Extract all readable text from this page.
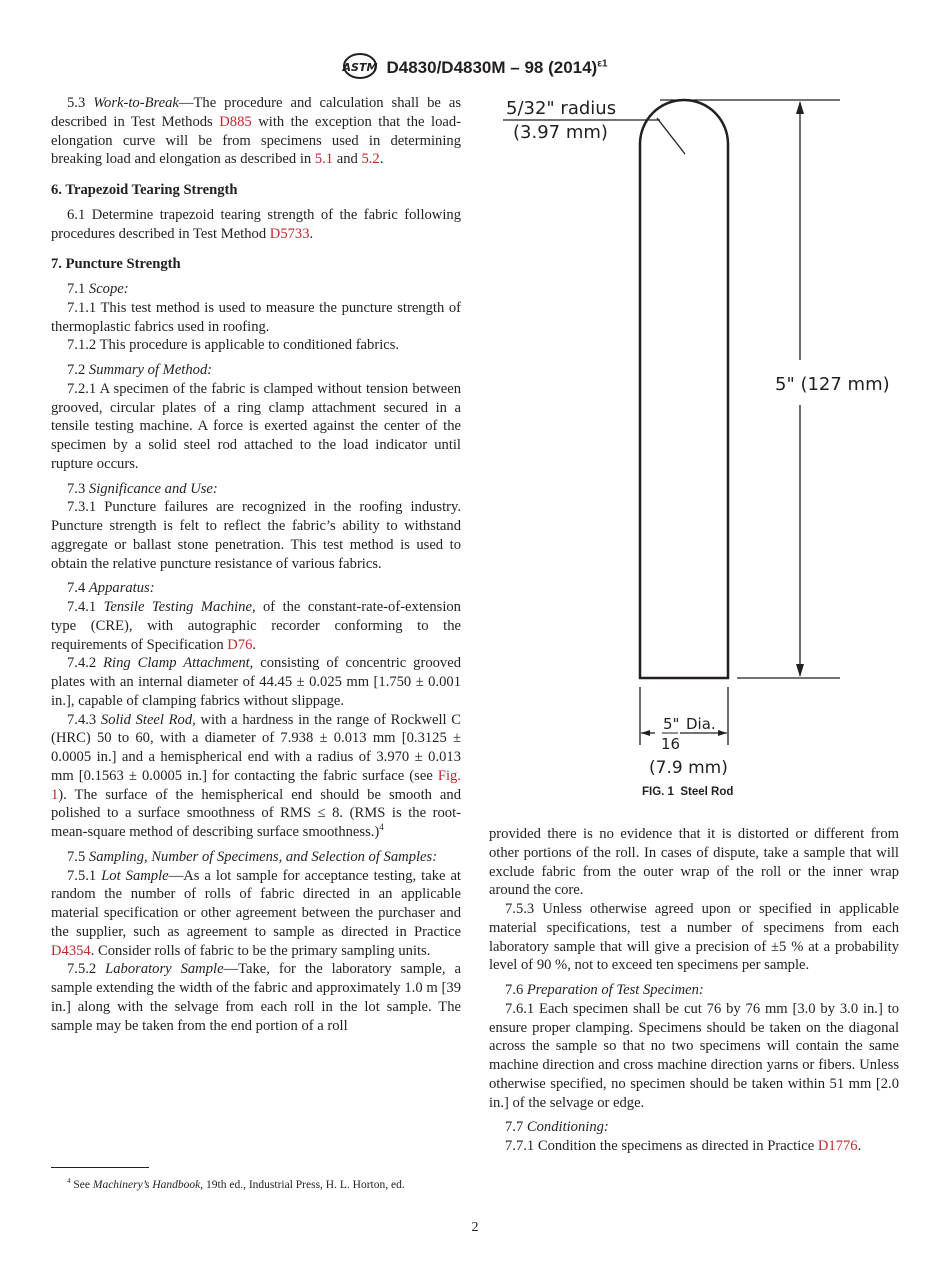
ASTM D4830/D4830M – 98 $(2014)^{\varepsilon 1}$

5.3 Work-to-Break—The procedure and calculation shall be as described in Test Methods D885 with the exception that the load-elongation curve will be from specimens used in determining breaking load and elongation as described in 5.1 and 5.2.

6. Trapezoid Tearing Strength

6.1 Determine trapezoid tearing strength of the fabric following procedures described in Test Method D5733.

7. Puncture Strength

7.1 Scope:

7.1.1 This test method is used to measure the puncture strength of thermoplastic fabrics used in roofing.

7.1.2 This procedure is applicable to conditioned fabrics.

7.2 Summary of Method:

7.2.1 A specimen of the fabric is clamped without tension between grooved, circular plates of a ring clamp attachment secured in a tensile testing machine. A force is exerted against the center of the specimen by a solid steel rod attached to the load indicator until rupture occurs.

7.3 Significance and Use:

7.3.1 Puncture failures are recognized in the roofing industry. Puncture strength is felt to reflect the fabric’s ability to withstand aggregate or ballast stone penetration. This test method is used to obtain the relative puncture resistance of various fabrics.

7.4 Apparatus:

7.4.1 Tensile Testing Machine, of the constant-rate-of-extension type (CRE), with autographic recorder conforming to the requirements of Specification D76.

7.4.2 Ring Clamp Attachment, consisting of concentric grooved plates with an internal diameter of 44.45 ± 0.025 mm [1.750 ± 0.001 in.], capable of clamping fabrics without slippage.

7.4.3 Solid Steel Rod, with a hardness in the range of Rockwell C (HRC) 50 to 60, with a diameter of 7.938 ± 0.013 mm [0.3125 ± 0.0005 in.] and a hemispherical end with a radius of 3.970 ± 0.013 mm [0.1563 ± 0.0005 in.] for contacting the fabric surface (see Fig. 1). The surface of the hemispherical end should be smooth and polished to a surface smoothness of RMS ≤ 8. (RMS is the root-mean-square method of describing surface smoothness.)$^4$

7.5 Sampling, Number of Specimens, and Selection of Samples:

7.5.1 Lot Sample—As a lot sample for acceptance testing, take at random the number of rolls of fabric directed in an applicable material specification or other agreement between the purchaser and the supplier, such as agreement to sample as directed in Practice D4354. Consider rolls of fabric to be the primary sampling units.

7.5.2 Laboratory Sample—Take, for the laboratory sample, a sample extending the width of the fabric and approximately 1.0 m [39 in.] along with the selvage from each roll in the lot sample. The sample may be taken from the end portion of a roll

provided there is no evidence that it is distorted or different from other portions of the roll. In cases of dispute, take a sample that will exclude fabric from the outer wrap of the roll or the inner wrap around the core.

7.5.3 Unless otherwise agreed upon or specified in applicable material specifications, test a number of specimens from each laboratory sample that will give a precision of ±5 % at a probability level of 90 %, not to exceed ten specimens per sample.

7.6 Preparation of Test Specimen:

7.6.1 Each specimen shall be cut 76 by 76 mm [3.0 by 3.0 in.] to ensure proper clamping. Specimens should be taken on the diagonal across the sample so that no two specimens will contain the same machine direction and cross machine direction yarns or fibers. Unless otherwise specified, no specimen should be taken within 51 mm [2.0 in.] of the selvage or edge.

7.7 Conditioning:

7.7.1 Condition the specimens as directed in Practice D1776.

5" (127 mm)
5/32" radius
(3.97 mm)
5" Dia.
16
(7.9 mm)
FIG. 1  Steel Rod
$^4$ See Machinery’s Handbook, 19th ed., Industrial Press, H. L. Horton, ed.
2
